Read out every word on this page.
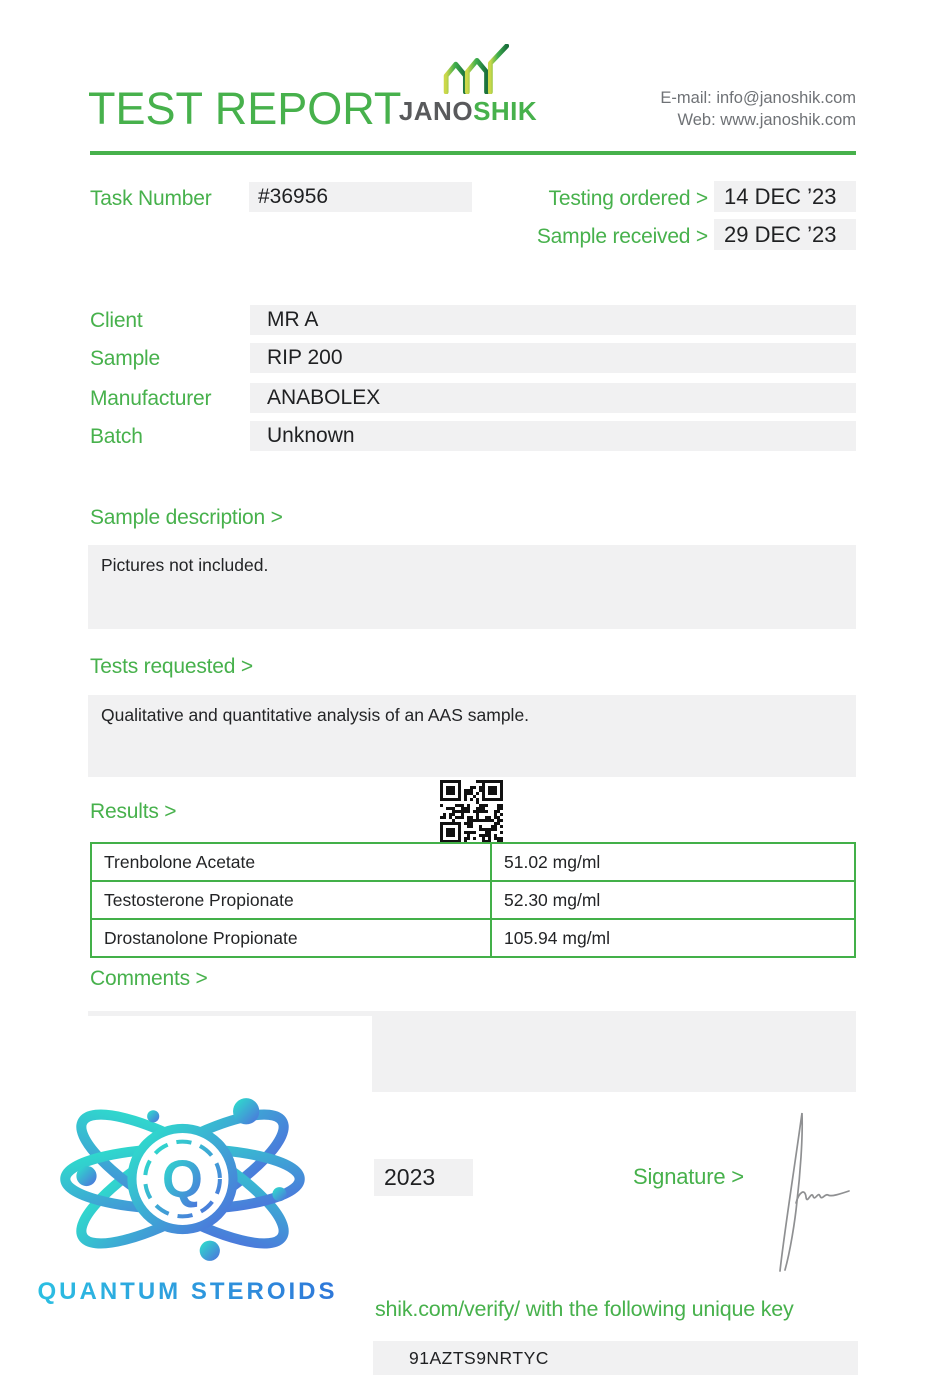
TEST REPORT
JANOSHIK	E-mail: info@janoshik.com
Web: www.janoshik.com
Task Number	#36956	Testing ordered > 14 DEC ’23
Sample received > 29 DEC ’23
Client	MR A
Sample	RIP 200
Manufacturer	ANABOLEX
Batch	Unknown
Sample description >
Pictures not included.
Tests requested >
Qualitative and quantitative analysis of an AAS sample.
Results >
Trenbolone Acetate	51.02 mg/ml
Testosterone Propionate	52.30 mg/ml
Drostanolone Propionate	105.94 mg/ml
Comments >
Q
QUANTUM STEROIDS
2023	Signature >
shik.com/verify/ with the following unique key
91AZTS9NRTYC
